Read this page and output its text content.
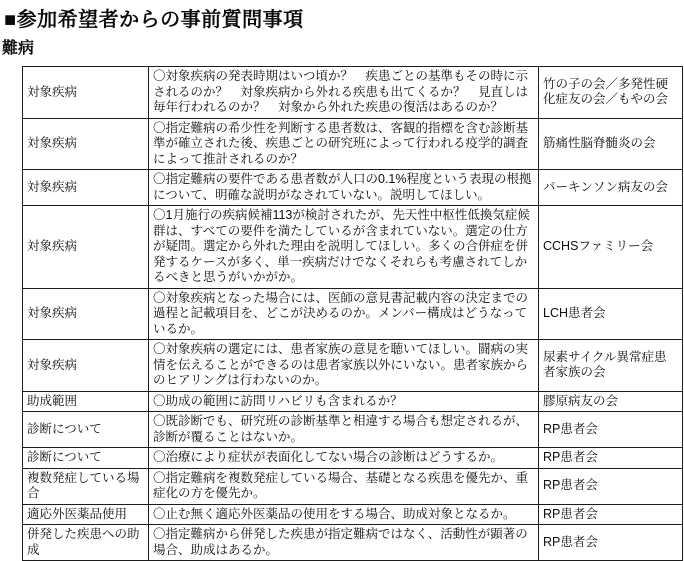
■参加希望者からの事前質問事項
難病
対象疾病	〇対象疾病の発表時期はいつ頃か？　疾患ごとの基準もその時に示されるのか？　対象疾病から外れる疾患も出てくるか？　見直しは毎年行われるのか？　対象から外れた疾患の復活はあるのか？	竹の子の会／多発性硬化症友の会／もやの会
対象疾病	〇指定難病の希少性を判断する患者数は、客観的指標を含む診断基準が確立された後、疾患ごとの研究班によって行われる疫学的調査によって推計されるのか？	筋痛性脳脊髄炎の会
対象疾病	〇指定難病の要件である患者数が人口の0.1%程度という表現の根拠について、明確な説明がなされていない。説明してほしい。	パーキンソン病友の会
対象疾病	〇1月施行の疾病候補113が検討されたが、先天性中枢性低換気症候群は、すべての要件を満たしているが含まれていない。選定の仕方が疑問。選定から外れた理由を説明してほしい。多くの合併症を併発するケースが多く、単一疾病だけでなくそれらも考慮されてしかるべきと思うがいかがか。	CCHSファミリー会
対象疾病	〇対象疾病となった場合には、医師の意見書記載内容の決定までの過程と記載項目を、どこが決めるのか。メンバー構成はどうなっているか。	LCH患者会
対象疾病	〇対象疾病の選定には、患者家族の意見を聴いてほしい。闘病の実情を伝えることができるのは患者家族以外にいない。患者家族からのヒアリングは行わないのか。	尿素サイクル異常症患者家族の会
助成範囲	〇助成の範囲に訪問リハビリも含まれるか？	膠原病友の会
診断について	〇既診断でも、研究班の診断基準と相違する場合も想定されるが、診断が覆ることはないか。	RP患者会
診断について	〇治療により症状が表面化してない場合の診断はどうするか。	RP患者会
複数発症している場合	〇指定難病を複数発症している場合、基礎となる疾患を優先か、重症化の方を優先か。	RP患者会
適応外医薬品使用	〇止む無く適応外医薬品の使用をする場合、助成対象となるか。	RP患者会
併発した疾患への助成	〇指定難病から併発した疾患が指定難病ではなく、活動性が顕著の場合、助成はあるか。	RP患者会
